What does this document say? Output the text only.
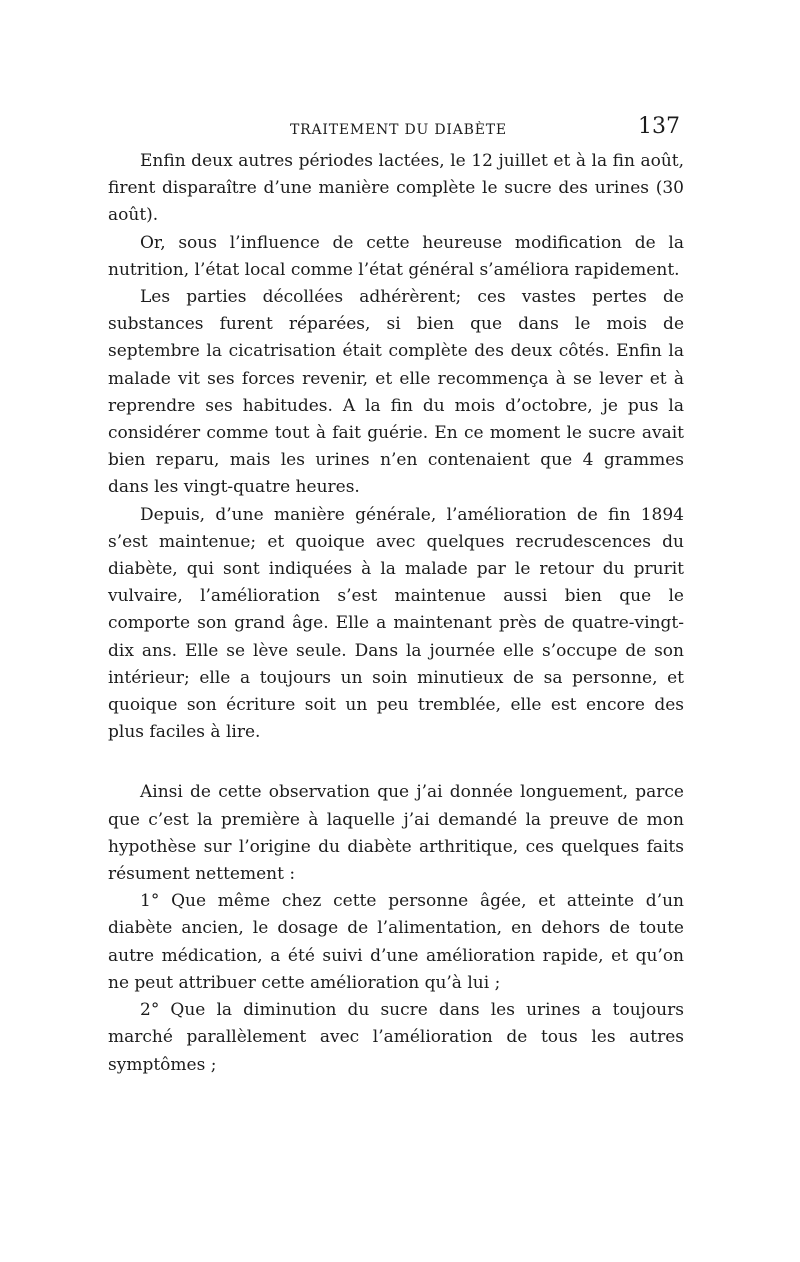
TRAITEMENT DU DIABÈTE	137

Enfin deux autres périodes lactées, le 12 juillet et à la fin août, firent disparaître d’une manière complète le sucre des urines (30 août).

Or, sous l’influence de cette heureuse modification de la nutrition, l’état local comme l’état général s’améliora rapidement.

Les parties décollées adhérèrent; ces vastes pertes de substances furent réparées, si bien que dans le mois de septembre la cicatrisation était complète des deux côtés. Enfin la malade vit ses forces revenir, et elle recommença à se lever et à reprendre ses habitudes. A la fin du mois d’octobre, je pus la considérer comme tout à fait guérie. En ce moment le sucre avait bien reparu, mais les urines n’en contenaient que 4 grammes dans les vingt-quatre heures.

Depuis, d’une manière générale, l’amélioration de fin 1894 s’est maintenue; et quoique avec quelques recrudescences du diabète, qui sont indiquées à la malade par le retour du prurit vulvaire, l’amélioration s’est maintenue aussi bien que le comporte son grand âge. Elle a maintenant près de quatre-vingt-dix ans. Elle se lève seule. Dans la journée elle s’occupe de son intérieur; elle a toujours un soin minutieux de sa personne, et quoique son écriture soit un peu tremblée, elle est encore des plus faciles à lire.

Ainsi de cette observation que j’ai donnée longuement, parce que c’est la première à laquelle j’ai demandé la preuve de mon hypothèse sur l’origine du diabète arthritique, ces quelques faits résument nettement :

1° Que même chez cette personne âgée, et atteinte d’un diabète ancien, le dosage de l’alimentation, en dehors de toute autre médication, a été suivi d’une amélioration rapide, et qu’on ne peut attribuer cette amélioration qu’à lui ;

2° Que la diminution du sucre dans les urines a toujours marché parallèlement avec l’amélioration de tous les autres symptômes ;
